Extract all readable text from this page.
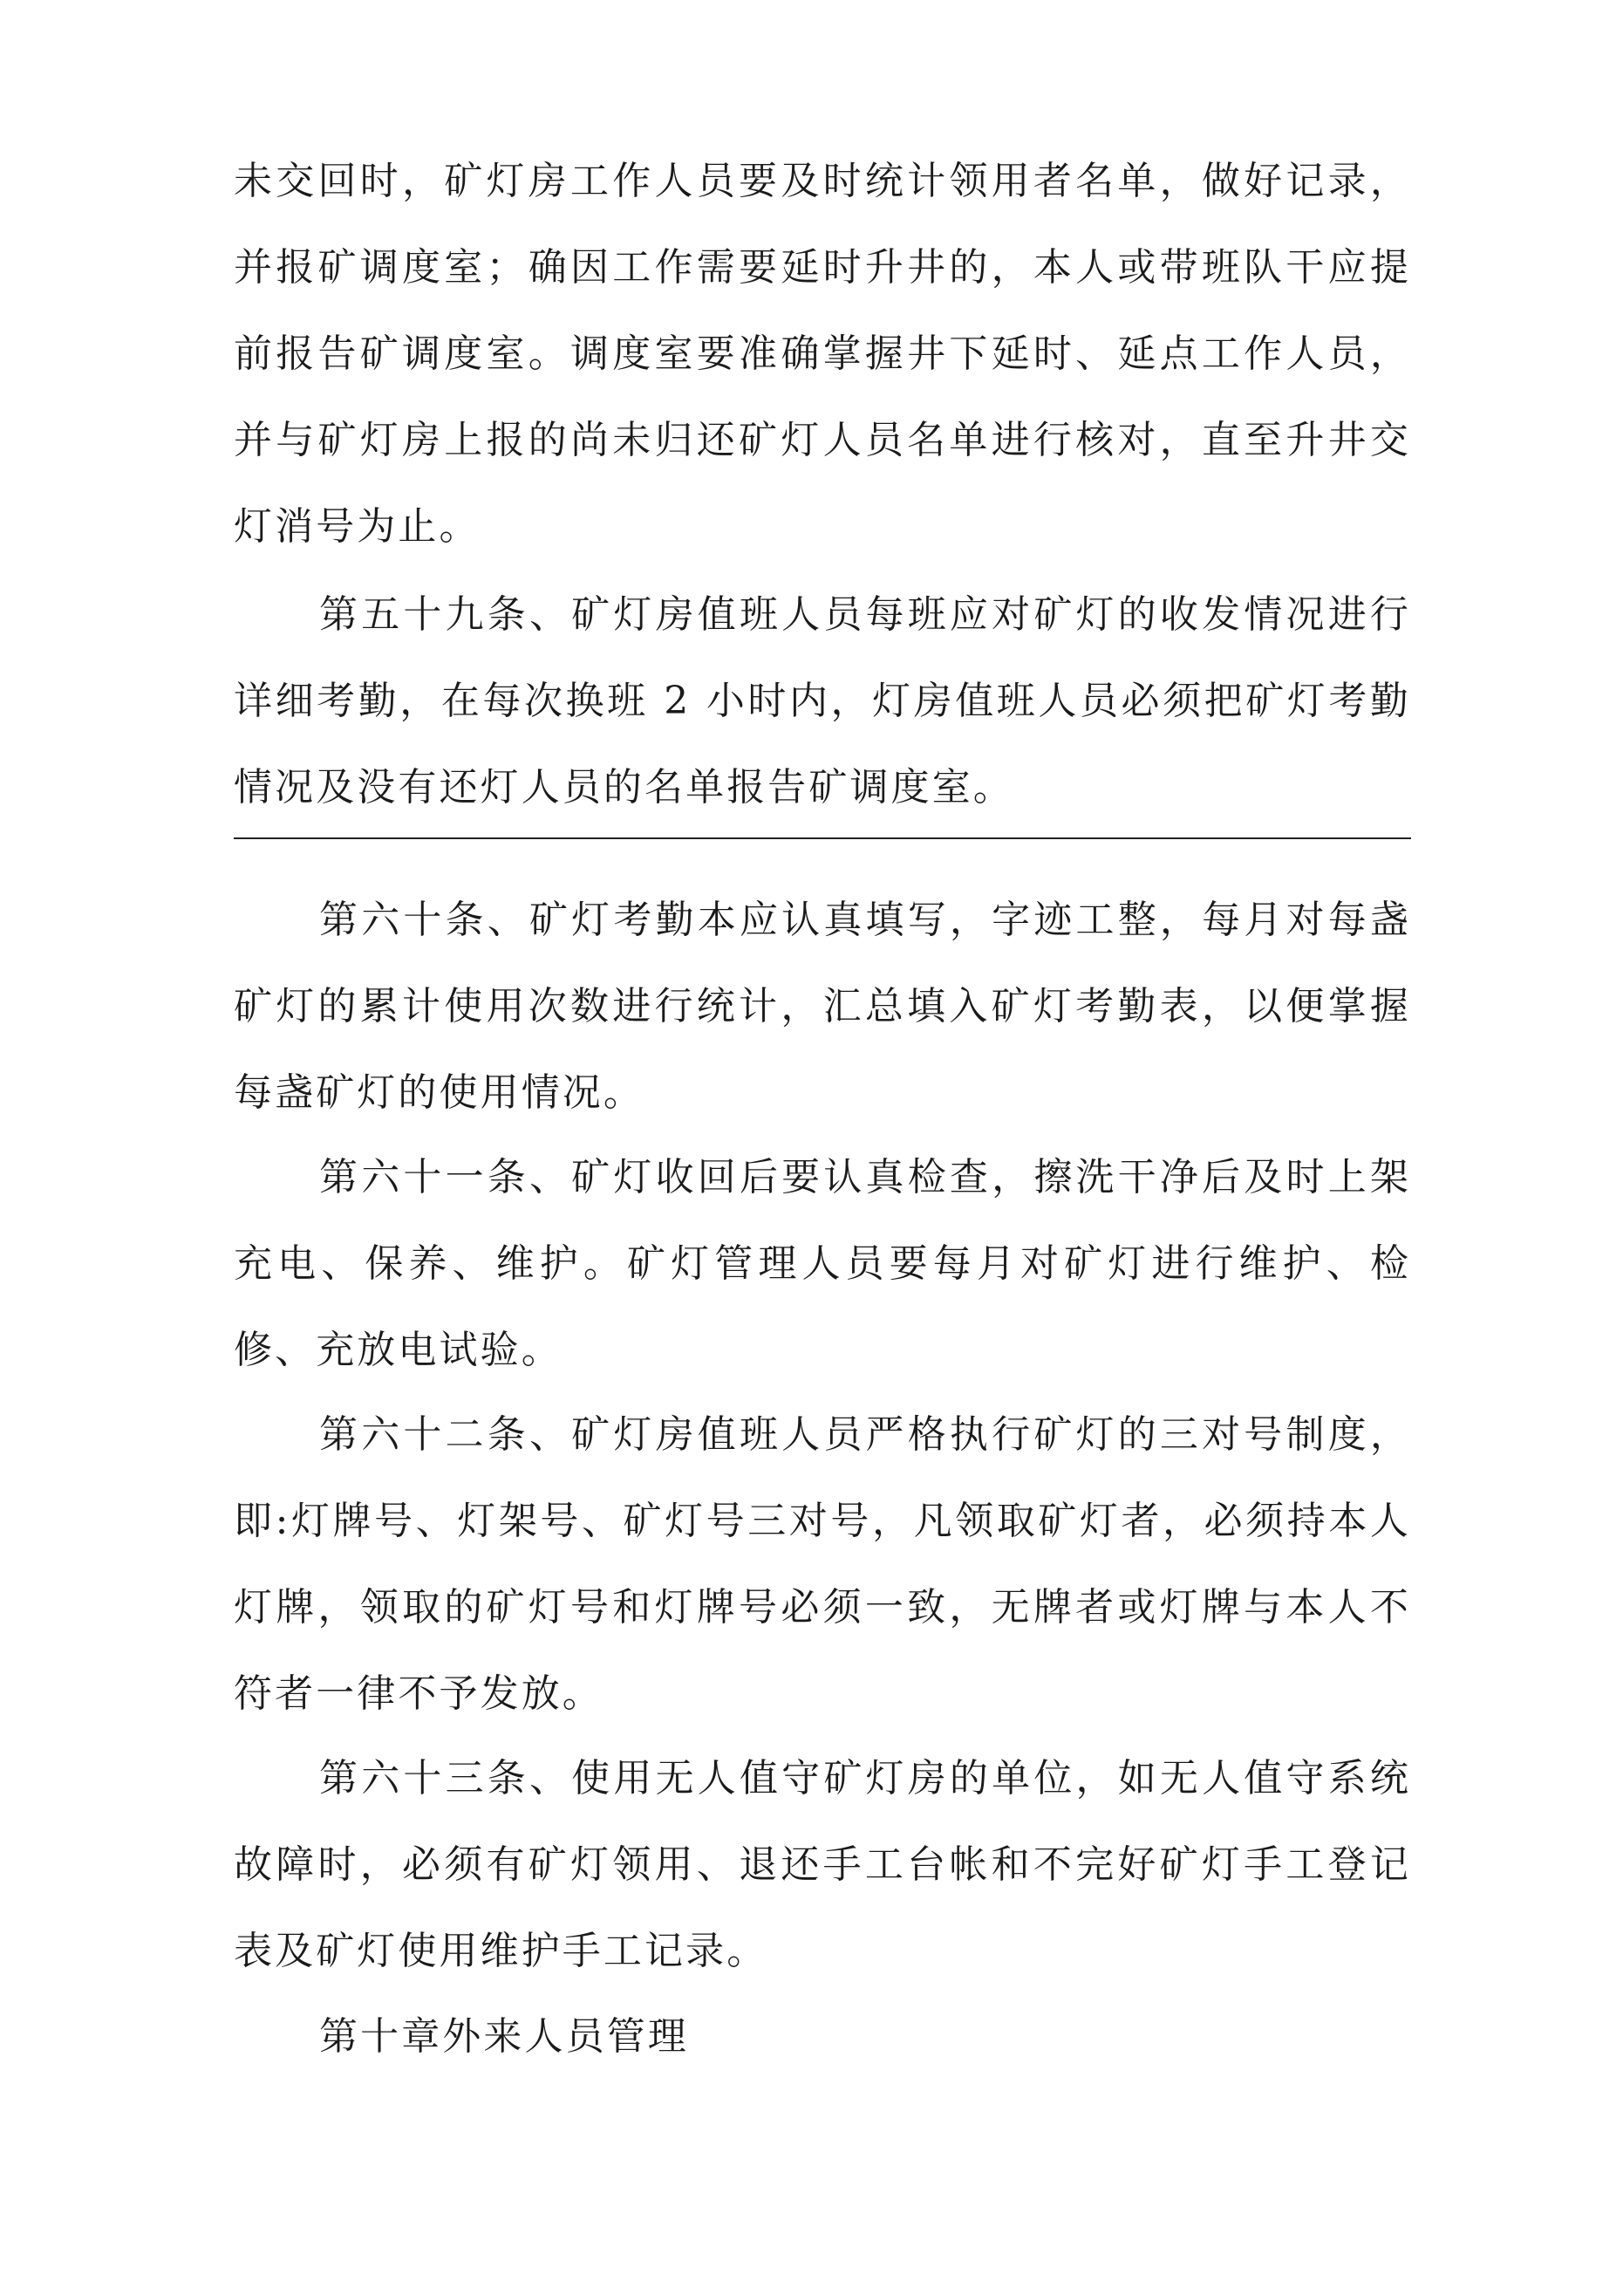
未交回时，矿灯房工作人员要及时统计领用者名单，做好记录，并报矿调度室；确因工作需要延时升井的，本人或带班队干应提前报告矿调度室。调度室要准确掌握井下延时、延点工作人员，并与矿灯房上报的尚未归还矿灯人员名单进行核对，直至升井交灯消号为止。

第五十九条、矿灯房值班人员每班应对矿灯的收发情况进行详细考勤，在每次换班 2 小时内，灯房值班人员必须把矿灯考勤情况及没有还灯人员的名单报告矿调度室。

第六十条、矿灯考勤本应认真填写，字迹工整，每月对每盏矿灯的累计使用次数进行统计，汇总填入矿灯考勤表，以便掌握每盏矿灯的使用情况。

第六十一条、矿灯收回后要认真检查，擦洗干净后及时上架充电、保养、维护。矿灯管理人员要每月对矿灯进行维护、检修、充放电试验。

第六十二条、矿灯房值班人员严格执行矿灯的三对号制度，即:灯牌号、灯架号、矿灯号三对号，凡领取矿灯者，必须持本人灯牌，领取的矿灯号和灯牌号必须一致，无牌者或灯牌与本人不符者一律不予发放。

第六十三条、使用无人值守矿灯房的单位，如无人值守系统故障时，必须有矿灯领用、退还手工台帐和不完好矿灯手工登记表及矿灯使用维护手工记录。

第十章外来人员管理
